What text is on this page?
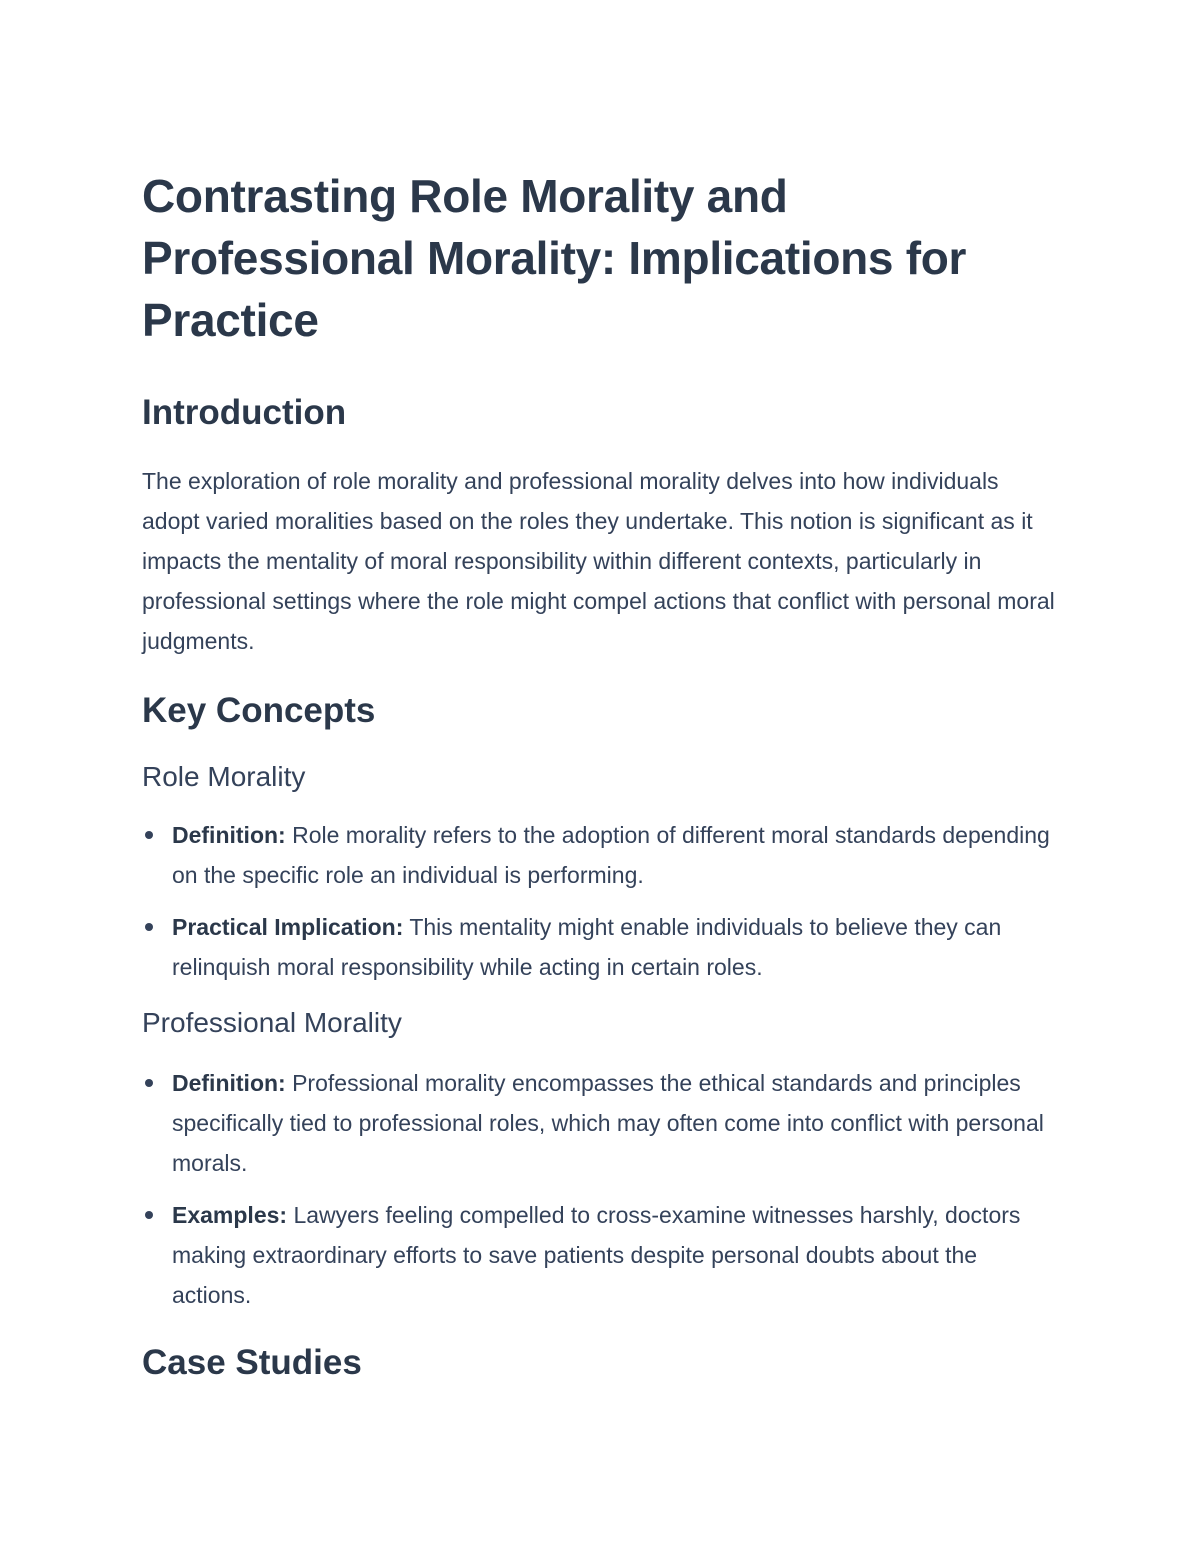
Contrasting Role Morality and Professional Morality: Implications for Practice
Introduction

The exploration of role morality and professional morality delves into how individuals adopt varied moralities based on the roles they undertake. This notion is significant as it impacts the mentality of moral responsibility within different contexts, particularly in professional settings where the role might compel actions that conflict with personal moral judgments.

Key Concepts
Role Morality
Definition: Role morality refers to the adoption of different moral standards depending on the specific role an individual is performing.
Practical Implication: This mentality might enable individuals to believe they can relinquish moral responsibility while acting in certain roles.
Professional Morality
Definition: Professional morality encompasses the ethical standards and principles specifically tied to professional roles, which may often come into conflict with personal morals.
Examples: Lawyers feeling compelled to cross-examine witnesses harshly, doctors making extraordinary efforts to save patients despite personal doubts about the actions.
Case Studies
